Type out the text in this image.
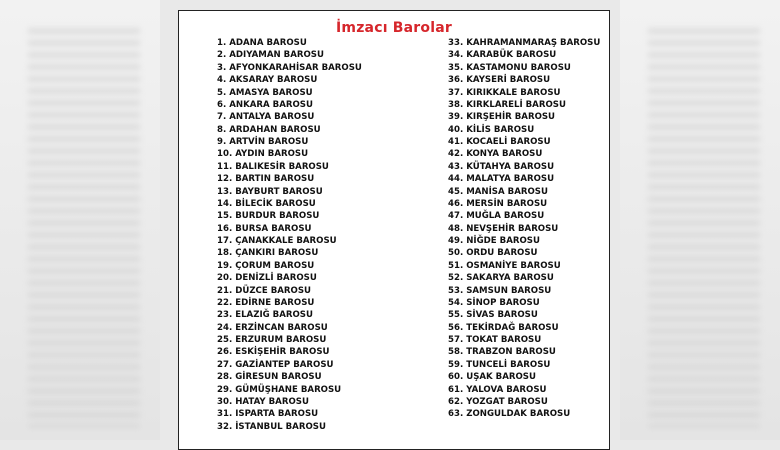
İmzacı Barolar
1. ADANA BAROSU
2. ADIYAMAN BAROSU
3. AFYONKARAHİSAR BAROSU
4. AKSARAY BAROSU
5. AMASYA BAROSU
6. ANKARA BAROSU
7. ANTALYA BAROSU
8. ARDAHAN BAROSU
9. ARTVİN BAROSU
10. AYDIN BAROSU
11. BALIKESİR BAROSU
12. BARTIN BAROSU
13. BAYBURT BAROSU
14. BİLECİK BAROSU
15. BURDUR BAROSU
16. BURSA BAROSU
17. ÇANAKKALE BAROSU
18. ÇANKIRI BAROSU
19. ÇORUM BAROSU
20. DENİZLİ BAROSU
21. DÜZCE BAROSU
22. EDİRNE BAROSU
23. ELAZIĞ BAROSU
24. ERZİNCAN BAROSU
25. ERZURUM BAROSU
26. ESKİŞEHİR BAROSU
27. GAZİANTEP BAROSU
28. GİRESUN BAROSU
29. GÜMÜŞHANE BAROSU
30. HATAY BAROSU
31. ISPARTA BAROSU
32. İSTANBUL BAROSU
33. KAHRAMANMARAŞ BAROSU
34. KARABÜK BAROSU
35. KASTAMONU BAROSU
36. KAYSERİ BAROSU
37. KIRIKKALE BAROSU
38. KIRKLARELİ BAROSU
39. KIRŞEHİR BAROSU
40. KİLİS BAROSU
41. KOCAELİ BAROSU
42. KONYA BAROSU
43. KÜTAHYA BAROSU
44. MALATYA BAROSU
45. MANİSA BAROSU
46. MERSİN BAROSU
47. MUĞLA BAROSU
48. NEVŞEHİR BAROSU
49. NİĞDE BAROSU
50. ORDU BAROSU
51. OSMANİYE BAROSU
52. SAKARYA BAROSU
53. SAMSUN BAROSU
54. SİNOP BAROSU
55. SİVAS BAROSU
56. TEKİRDAĞ BAROSU
57. TOKAT BAROSU
58. TRABZON BAROSU
59. TUNCELİ BAROSU
60. UŞAK BAROSU
61. YALOVA BAROSU
62. YOZGAT BAROSU
63. ZONGULDAK BAROSU
